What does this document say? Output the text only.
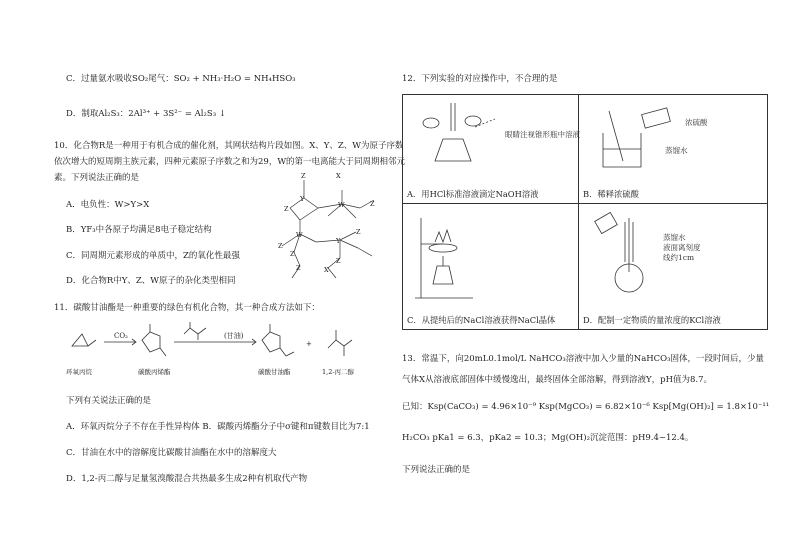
C．过量氨水吸收SO₂尾气：SO₂ + NH₃·H₂O = NH₄HSO₃
D．制取Al₂S₃：2Al³⁺ + 3S²⁻ = Al₂S₃ ↓
10．化合物R是一种用于有机合成的催化剂，其网状结构片段如图。X、Y、Z、W为原子序数
依次增大的短周期主族元素，四种元素原子序数之和为29，W的第一电离能大于同周期相邻元
素。下列说法正确的是
A．电负性：W>Y>X
B．YF₃中各原子均满足8电子稳定结构
C．同周期元素形成的单质中，Z的氧化性最强
D．化合物R中Y、Z、W原子的杂化类型相同
Z	X
Y
Z	W	Z
W
Z
Y
Z
Z
Z
Z	X
11．碳酸甘油酯是一种重要的绿色有机化合物，其一种合成方法如下：
CO₂	(甘油)
+
环氧丙烷	碳酸丙烯酯	碳酸甘油酯	1,2-丙二醇
下列有关说法正确的是
A．环氧丙烷分子不存在手性异构体 B．碳酸丙烯酯分子中σ键和π键数目比为7:1
C．甘油在水中的溶解度比碳酸甘油酯在水中的溶解度大
D．1,2-丙二醇与足量氢溴酸混合共热最多生成2种有机取代产物
12．下列实验的对应操作中，不合理的是
眼睛注视锥形瓶中溶液
A．用HCl标准溶液滴定NaOH溶液
浓硫酸
蒸馏水
B．稀释浓硫酸
C．从提纯后的NaCl溶液获得NaCl晶体
蒸馏水
液面离刻度
线约1cm
D．配制一定物质的量浓度的KCl溶液
13．常温下，向20mL0.1mol/L NaHCO₃溶液中加入少量的NaHCO₃固体，一段时间后，少量
气体X从溶液底部固体中缓慢逸出，最终固体全部溶解，得到溶液Y，pH值为8.7。
已知：Ksp(CaCO₃) = 4.96×10⁻⁹ Ksp(MgCO₃) = 6.82×10⁻⁶ Ksp[Mg(OH)₂] = 1.8×10⁻¹¹
H₂CO₃ pKa1 = 6.3，pKa2 = 10.3；Mg(OH)₂沉淀范围：pH9.4~12.4。
下列说法正确的是
